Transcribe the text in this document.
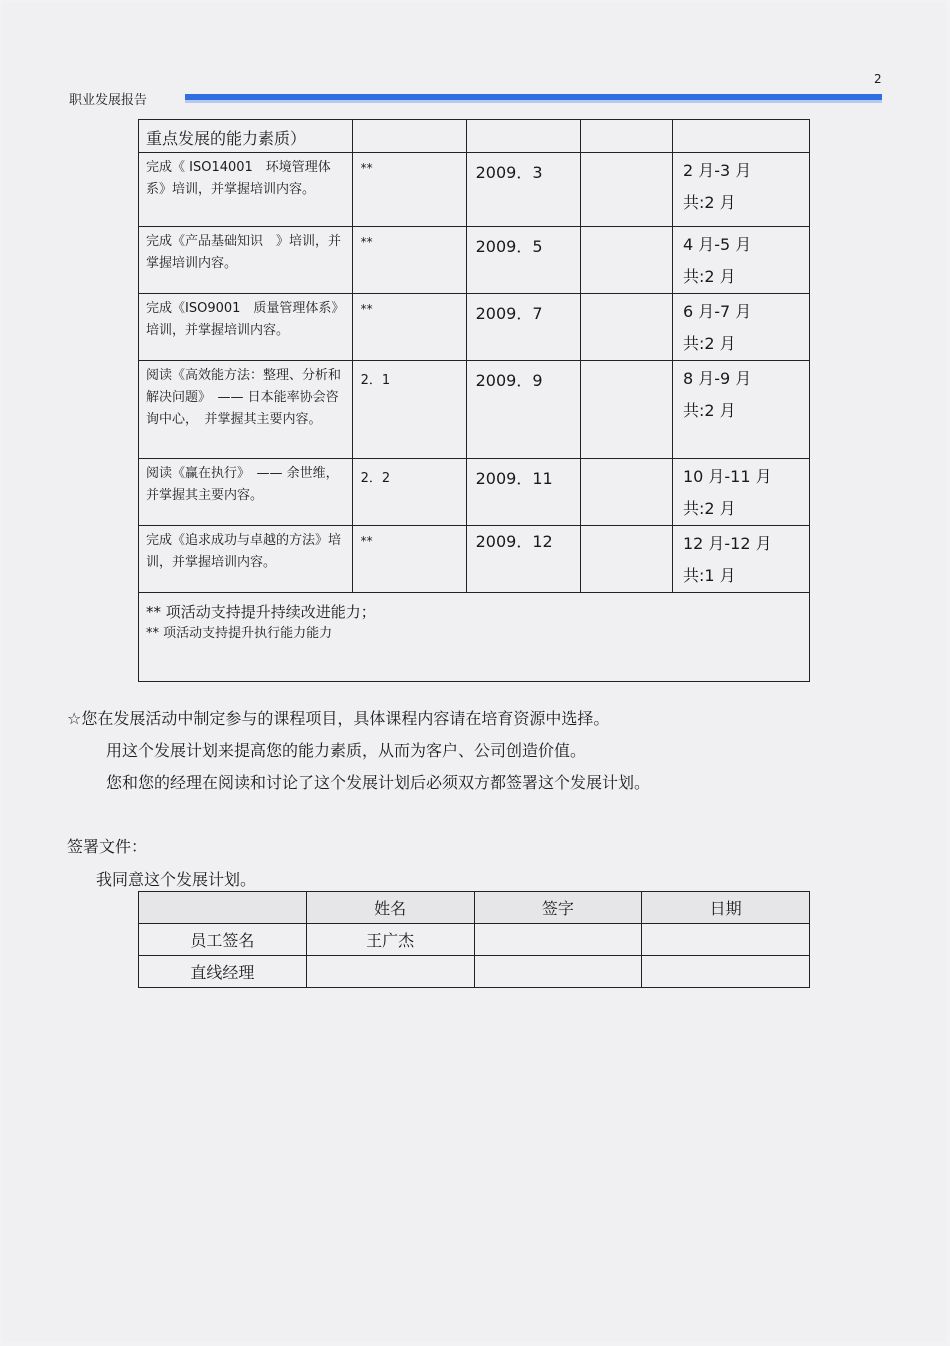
2
职业发展报告
重点发展的能力素质）				

完成《 ISO14001　环境管理体系》培训，并掌握培训内容。	**	2009．3		2 月-3 月
共:2 月

完成《产品基础知识　》培训，并掌握培训内容。	**	2009．5		4 月-5 月
共:2 月

完成《ISO9001　质量管理体系》培训，并掌握培训内容。	**	2009．7		6 月-7 月
共:2 月

阅读《高效能方法：整理、分析和解决问题》　—— 日本能率协会咨询中心，　并掌握其主要内容。	2．1	2009．9		8 月-9 月
共:2 月

阅读《赢在执行》　—— 余世维，并掌握其主要内容。	2．2	2009．11		10 月-11 月
共:2 月

完成《追求成功与卓越的方法》培训，并掌握培训内容。	**	2009．12		12 月-12 月
共:1 月

** 项活动支持提升持续改进能力；
** 项活动支持提升执行能力能力				
☆您在发展活动中制定参与的课程项目，具体课程内容请在培育资源中选择。
用这个发展计划来提高您的能力素质，从而为客户、公司创造价值。
您和您的经理在阅读和讨论了这个发展计划后必须双方都签署这个发展计划。
签署文件：
我同意这个发展计划。
	姓名	签字	日期
员工签名	王广杰		
直线经理			
